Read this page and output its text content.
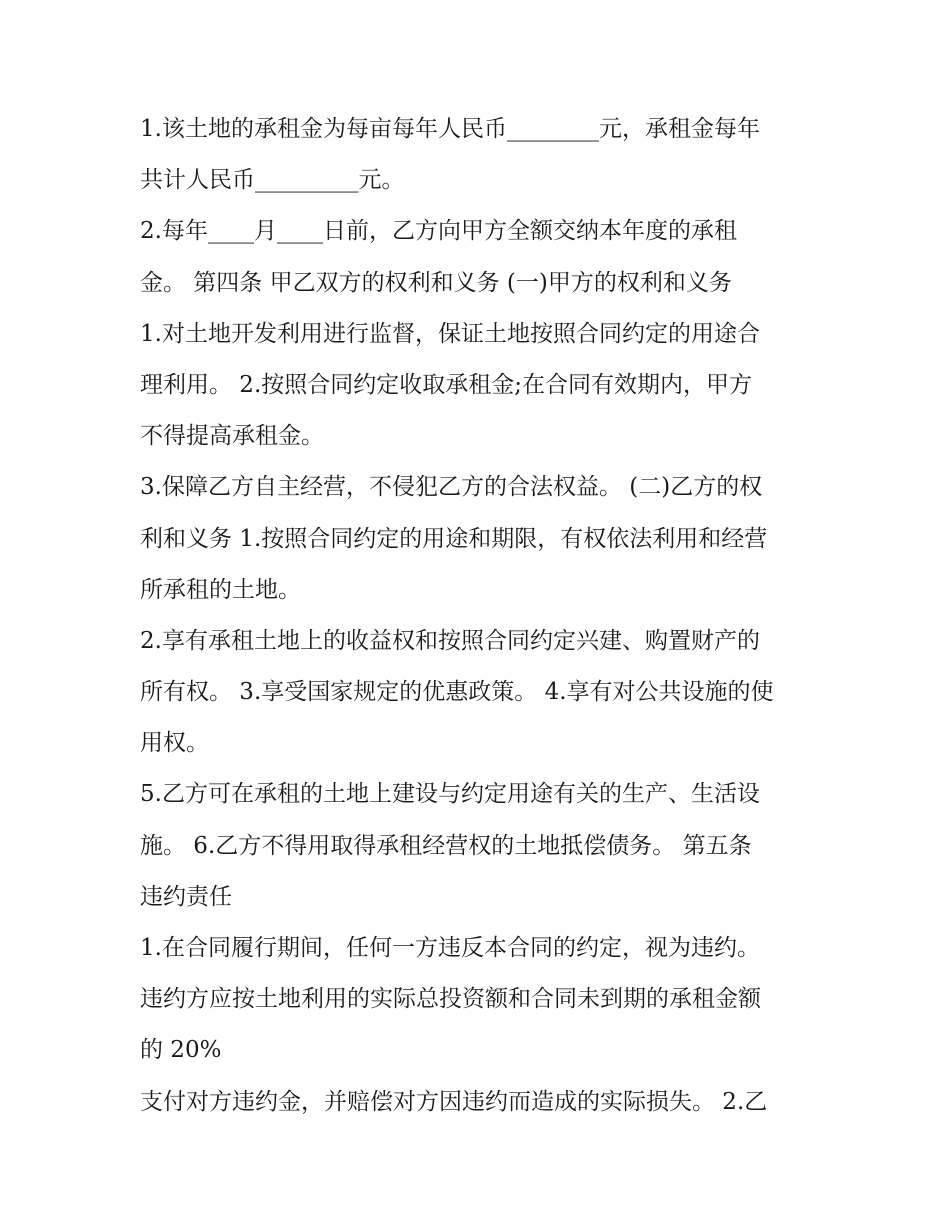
1.该土地的承租金为每亩每年人民币________元，承租金每年
共计人民币_________元。
2.每年____月____日前，乙方向甲方全额交纳本年度的承租
金。 第四条 甲乙双方的权利和义务 (一)甲方的权利和义务
1.对土地开发利用进行监督，保证土地按照合同约定的用途合
理利用。 2.按照合同约定收取承租金;在合同有效期内，甲方
不得提高承租金。
3.保障乙方自主经营，不侵犯乙方的合法权益。 (二)乙方的权
利和义务 1.按照合同约定的用途和期限，有权依法利用和经营
所承租的土地。
2.享有承租土地上的收益权和按照合同约定兴建、购置财产的
所有权。 3.享受国家规定的优惠政策。 4.享有对公共设施的使
用权。
5.乙方可在承租的土地上建设与约定用途有关的生产、生活设
施。 6.乙方不得用取得承租经营权的土地抵偿债务。 第五条
违约责任
1.在合同履行期间，任何一方违反本合同的约定，视为违约。
违约方应按土地利用的实际总投资额和合同未到期的承租金额
的 20%
支付对方违约金，并赔偿对方因违约而造成的实际损失。 2.乙
